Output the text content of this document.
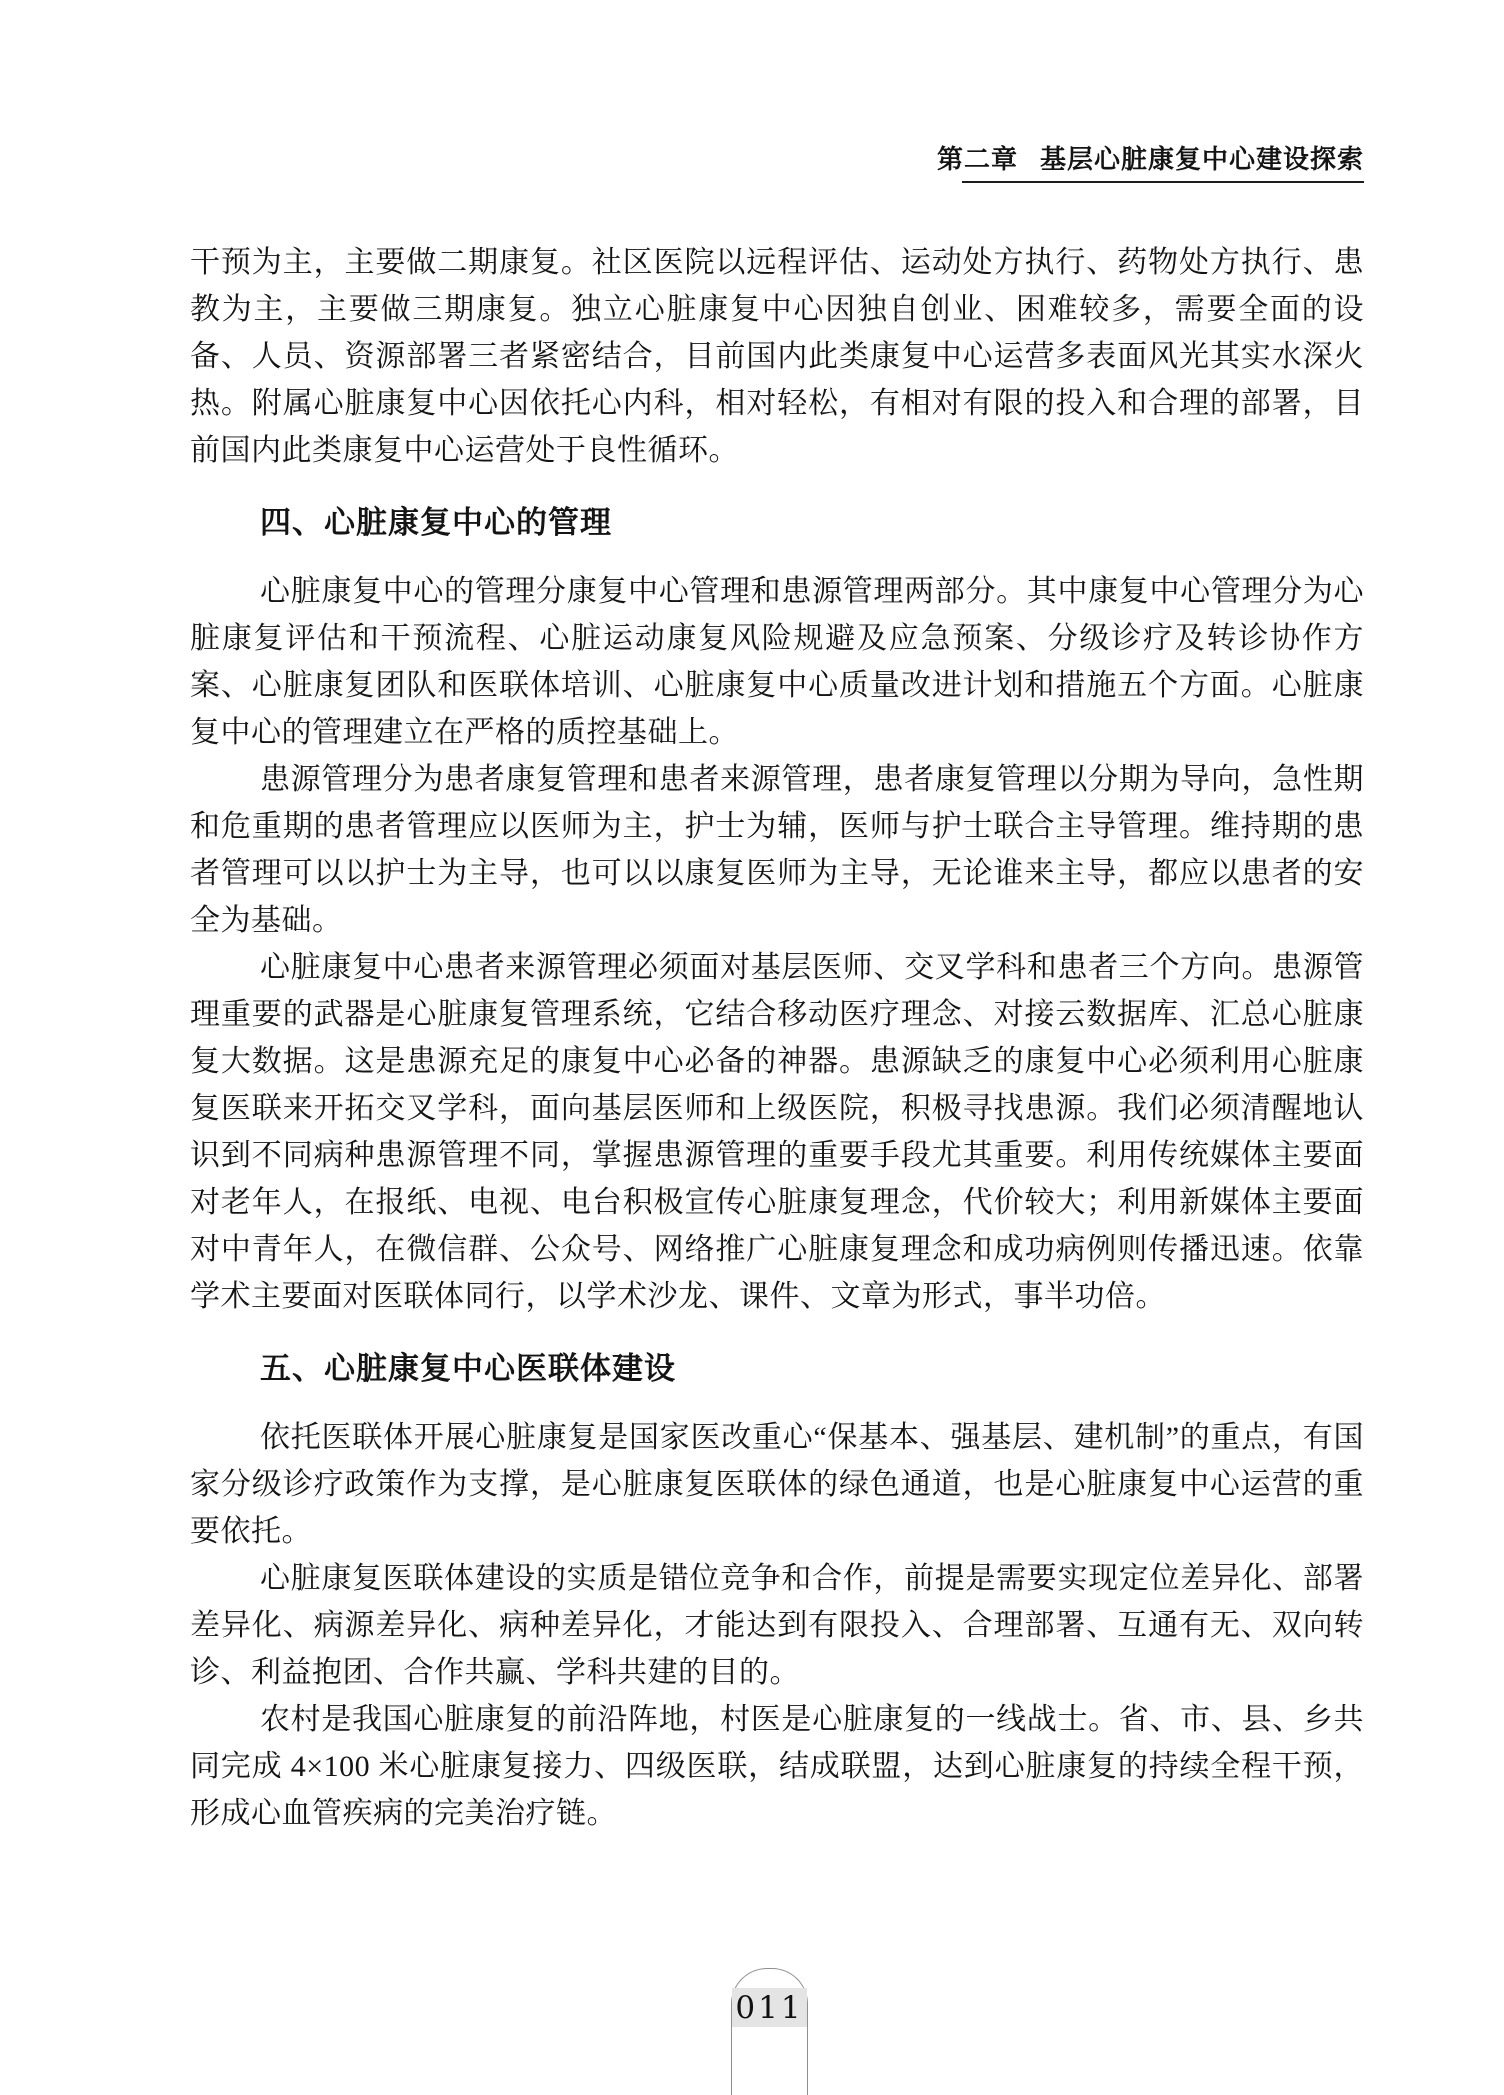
第二章 基层心脏康复中心建设探索

干预为主，主要做二期康复。社区医院以远程评估、运动处方执行、药物处方执行、患教为主，主要做三期康复。独立心脏康复中心因独自创业、困难较多，需要全面的设备、人员、资源部署三者紧密结合，目前国内此类康复中心运营多表面风光其实水深火热。附属心脏康复中心因依托心内科，相对轻松，有相对有限的投入和合理的部署，目前国内此类康复中心运营处于良性循环。

四、心脏康复中心的管理

心脏康复中心的管理分康复中心管理和患源管理两部分。其中康复中心管理分为心脏康复评估和干预流程、心脏运动康复风险规避及应急预案、分级诊疗及转诊协作方案、心脏康复团队和医联体培训、心脏康复中心质量改进计划和措施五个方面。心脏康复中心的管理建立在严格的质控基础上。

患源管理分为患者康复管理和患者来源管理，患者康复管理以分期为导向，急性期和危重期的患者管理应以医师为主，护士为辅，医师与护士联合主导管理。维持期的患者管理可以以护士为主导，也可以以康复医师为主导，无论谁来主导，都应以患者的安全为基础。

心脏康复中心患者来源管理必须面对基层医师、交叉学科和患者三个方向。患源管理重要的武器是心脏康复管理系统，它结合移动医疗理念、对接云数据库、汇总心脏康复大数据。这是患源充足的康复中心必备的神器。患源缺乏的康复中心必须利用心脏康复医联来开拓交叉学科，面向基层医师和上级医院，积极寻找患源。我们必须清醒地认识到不同病种患源管理不同，掌握患源管理的重要手段尤其重要。利用传统媒体主要面对老年人，在报纸、电视、电台积极宣传心脏康复理念，代价较大；利用新媒体主要面对中青年人，在微信群、公众号、网络推广心脏康复理念和成功病例则传播迅速。依靠学术主要面对医联体同行，以学术沙龙、课件、文章为形式，事半功倍。

五、心脏康复中心医联体建设

依托医联体开展心脏康复是国家医改重心“保基本、强基层、建机制”的重点，有国家分级诊疗政策作为支撑，是心脏康复医联体的绿色通道，也是心脏康复中心运营的重要依托。

心脏康复医联体建设的实质是错位竞争和合作，前提是需要实现定位差异化、部署差异化、病源差异化、病种差异化，才能达到有限投入、合理部署、互通有无、双向转诊、利益抱团、合作共赢、学科共建的目的。

农村是我国心脏康复的前沿阵地，村医是心脏康复的一线战士。省、市、县、乡共同完成 4×100 米心脏康复接力、四级医联，结成联盟，达到心脏康复的持续全程干预，形成心血管疾病的完美治疗链。

011
